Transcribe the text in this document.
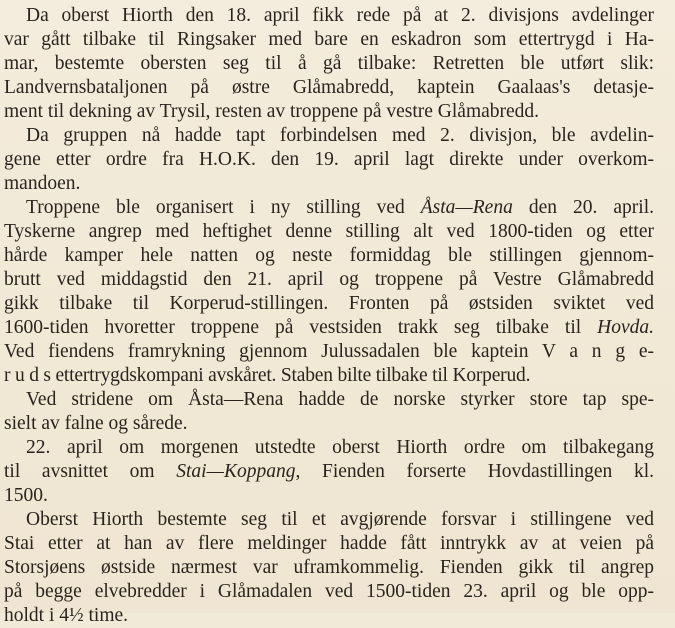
Da oberst Hiorth den 18. april fikk rede på at 2. divisjons avdelinger

var gått tilbake til Ringsaker med bare en eskadron som ettertrygd i Ha-

mar, bestemte obersten seg til å gå tilbake: Retretten ble utført slik:

Landvernsbataljonen på østre Glåmabredd, kaptein Gaalaas's detasje-

ment til dekning av Trysil, resten av troppene på vestre Glåmabredd.

Da gruppen nå hadde tapt forbindelsen med 2. divisjon, ble avdelin-

gene etter ordre fra H.O.K. den 19. april lagt direkte under overkom-

mandoen.

Troppene ble organisert i ny stilling ved Åsta—Rena den 20. april.

Tyskerne angrep med heftighet denne stilling alt ved 1800-tiden og etter

hårde kamper hele natten og neste formiddag ble stillingen gjennom-

brutt ved middagstid den 21. april og troppene på Vestre Glåmabredd

gikk tilbake til Korperud-stillingen. Fronten på østsiden sviktet ved

1600-tiden hvoretter troppene på vestsiden trakk seg tilbake til Hovda.

Ved fiendens framrykning gjennom Julussadalen ble kaptein V a n g e-

r u d s ettertrygdskompani avskåret. Staben bilte tilbake til Korperud.

Ved stridene om Åsta—Rena hadde de norske styrker store tap spe-

sielt av falne og sårede.

22. april om morgenen utstedte oberst Hiorth ordre om tilbakegang

til avsnittet om Stai—Koppang, Fienden forserte Hovdastillingen kl.

1500.

Oberst Hiorth bestemte seg til et avgjørende forsvar i stillingene ved

Stai etter at han av flere meldinger hadde fått inntrykk av at veien på

Storsjøens østside nærmest var uframkommelig. Fienden gikk til angrep

på begge elvebredder i Glåmadalen ved 1500-tiden 23. april og ble opp-

holdt i 4½ time.
